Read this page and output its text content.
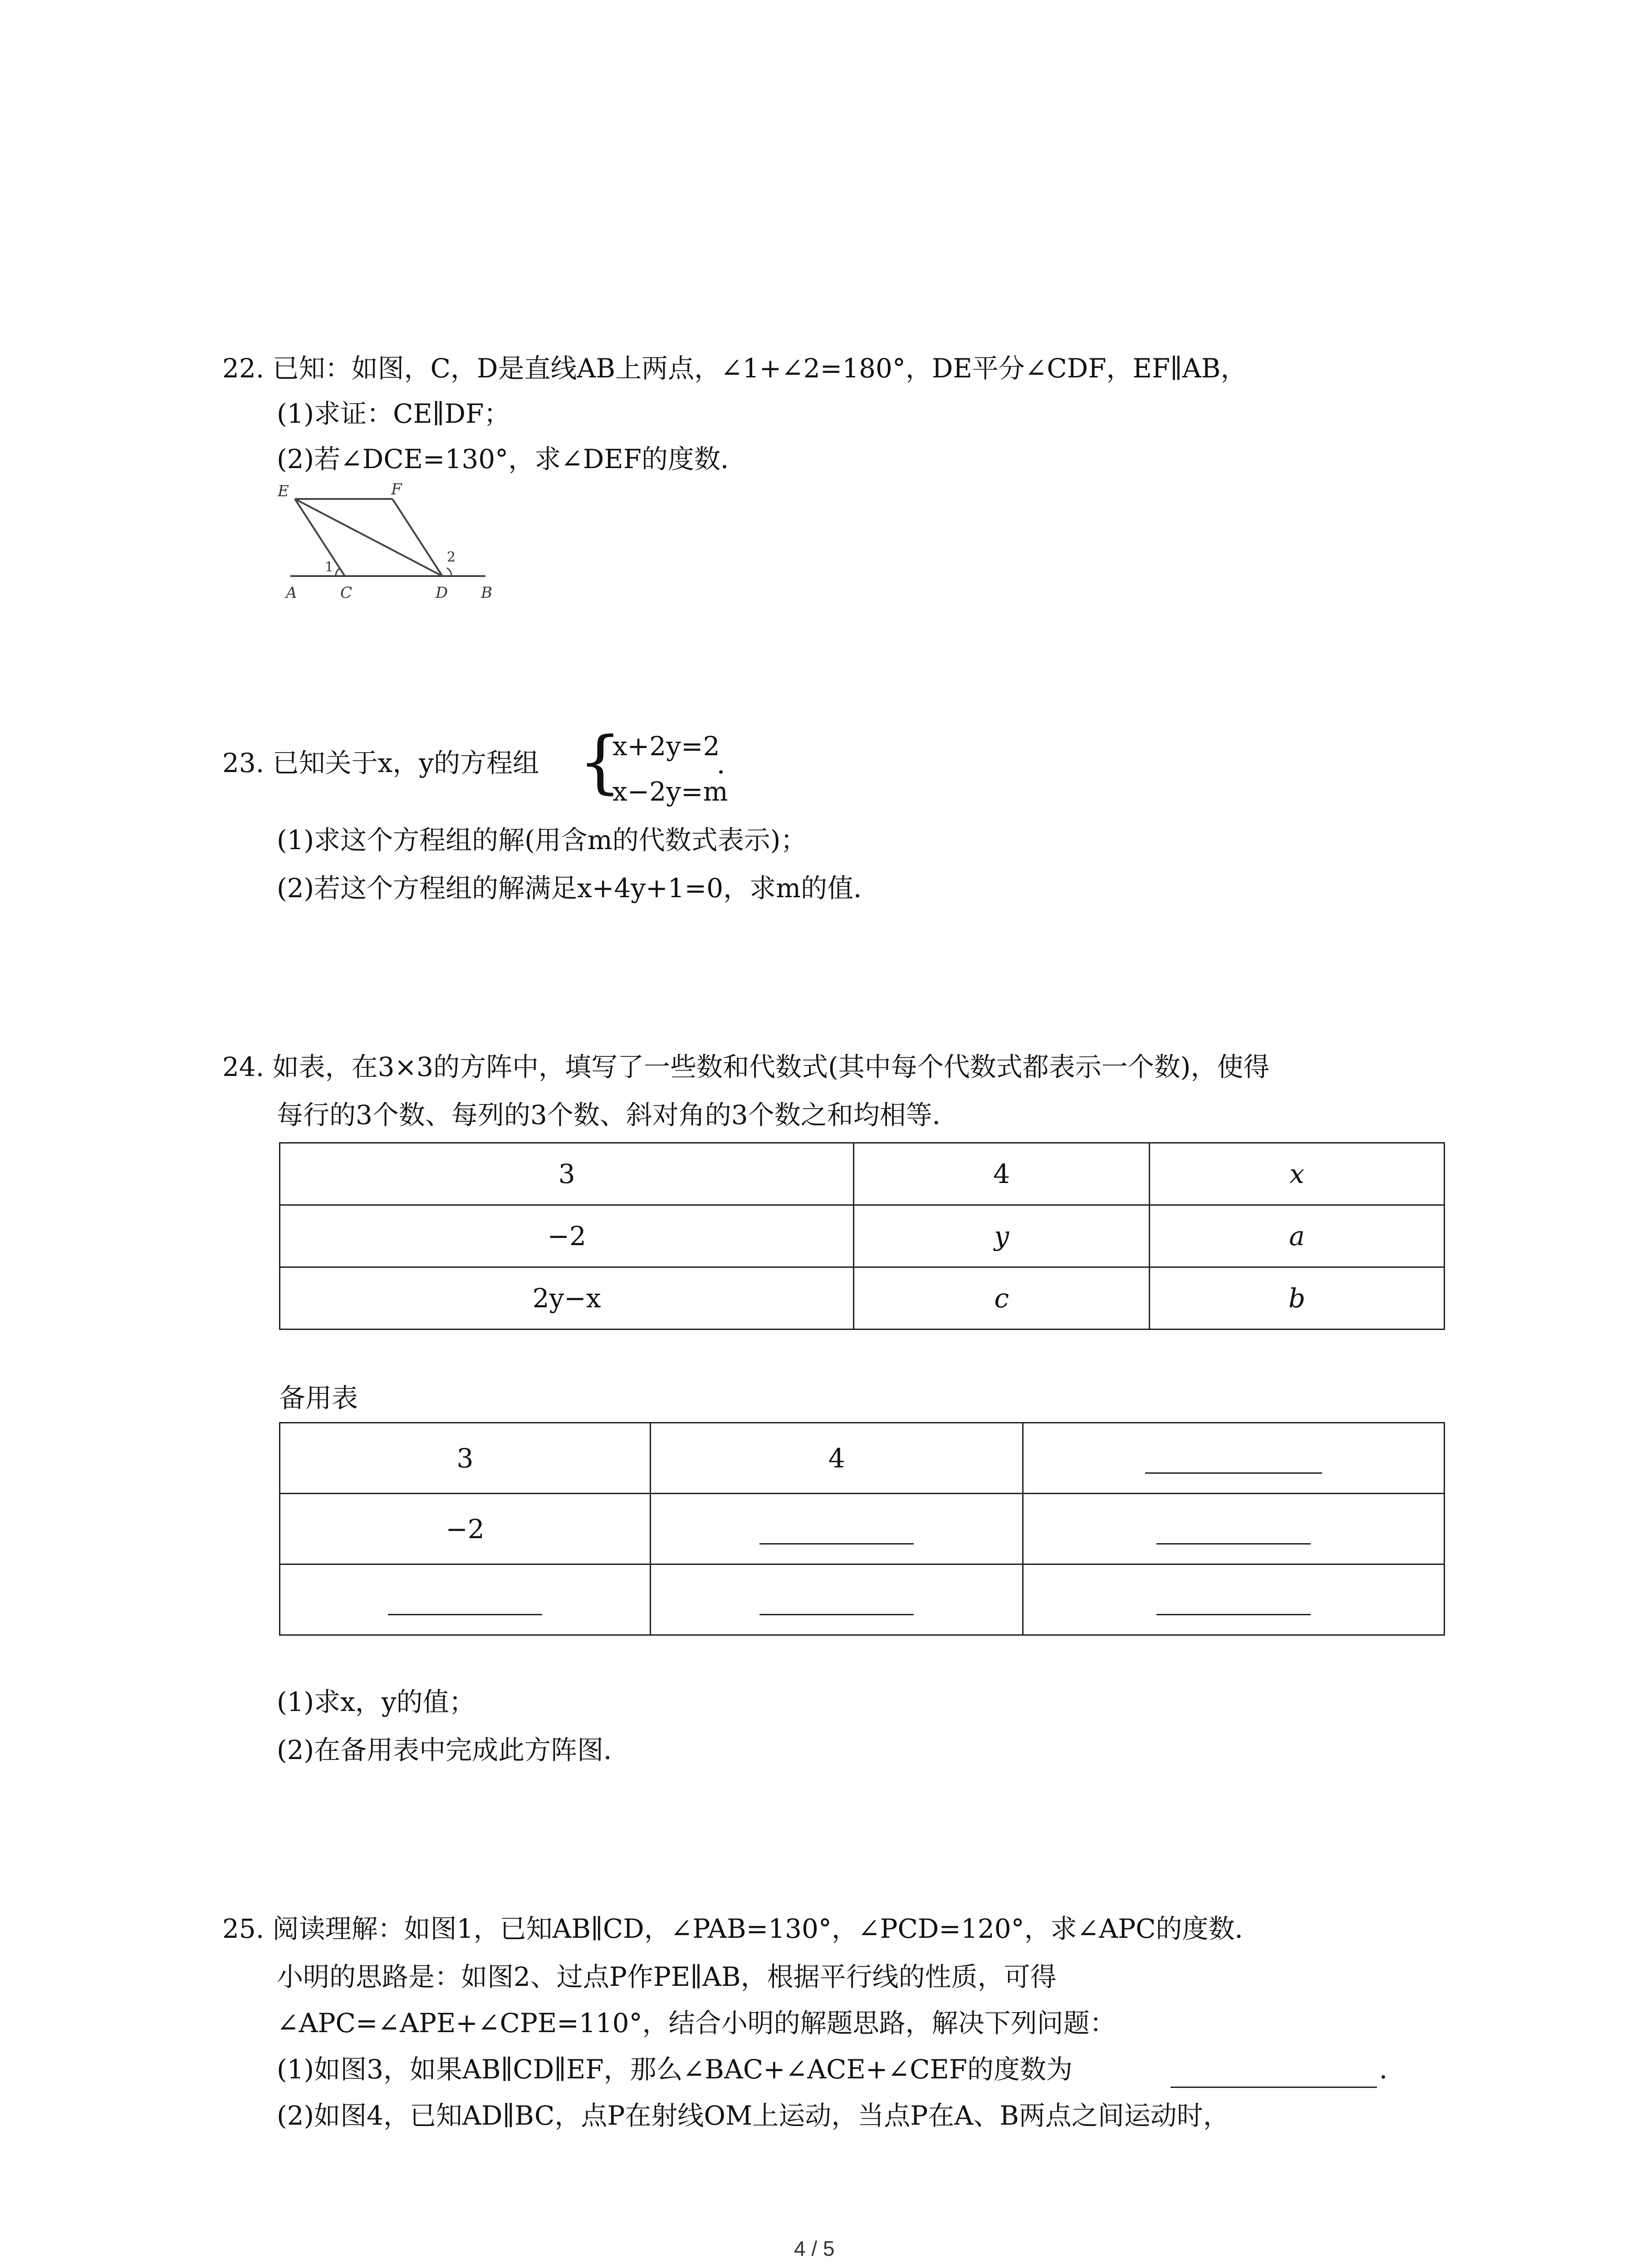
22. 已知：如图，C，D是直线AB上两点，∠1+∠2=180°，DE平分∠CDF，EF∥AB，
(1)求证：CE∥DF；
(2)若∠DCE=130°，求∠DEF的度数．
E	F
A	C	D B
1
2
23. 已知关于x，y的方程组 {
x+2y=2
x−2y=m
．
(1)求这个方程组的解(用含m的代数式表示)；
(2)若这个方程组的解满足x+4y+1=0，求m的值．
24. 如表，在3×3的方阵中，填写了一些数和代数式(其中每个代数式都表示一个数)，使得
每行的3个数、每列的3个数、斜对角的3个数之和均相等．
3	4	x
−2	y	a
2y−x	c	b
备用表
3	4	
−2		

(1)求x，y的值；
(2)在备用表中完成此方阵图．
25. 阅读理解：如图1，已知AB∥CD，∠PAB=130°，∠PCD=120°，求∠APC的度数．
小明的思路是：如图2、过点P作PE∥AB，根据平行线的性质，可得
∠APC=∠APE+∠CPE=110°，结合小明的解题思路，解决下列问题：
(1)如图3，如果AB∥CD∥EF，那么∠BAC+∠ACE+∠CEF的度数为	．
(2)如图4，已知AD∥BC，点P在射线OM上运动，当点P在A、B两点之间运动时，
4 / 5
